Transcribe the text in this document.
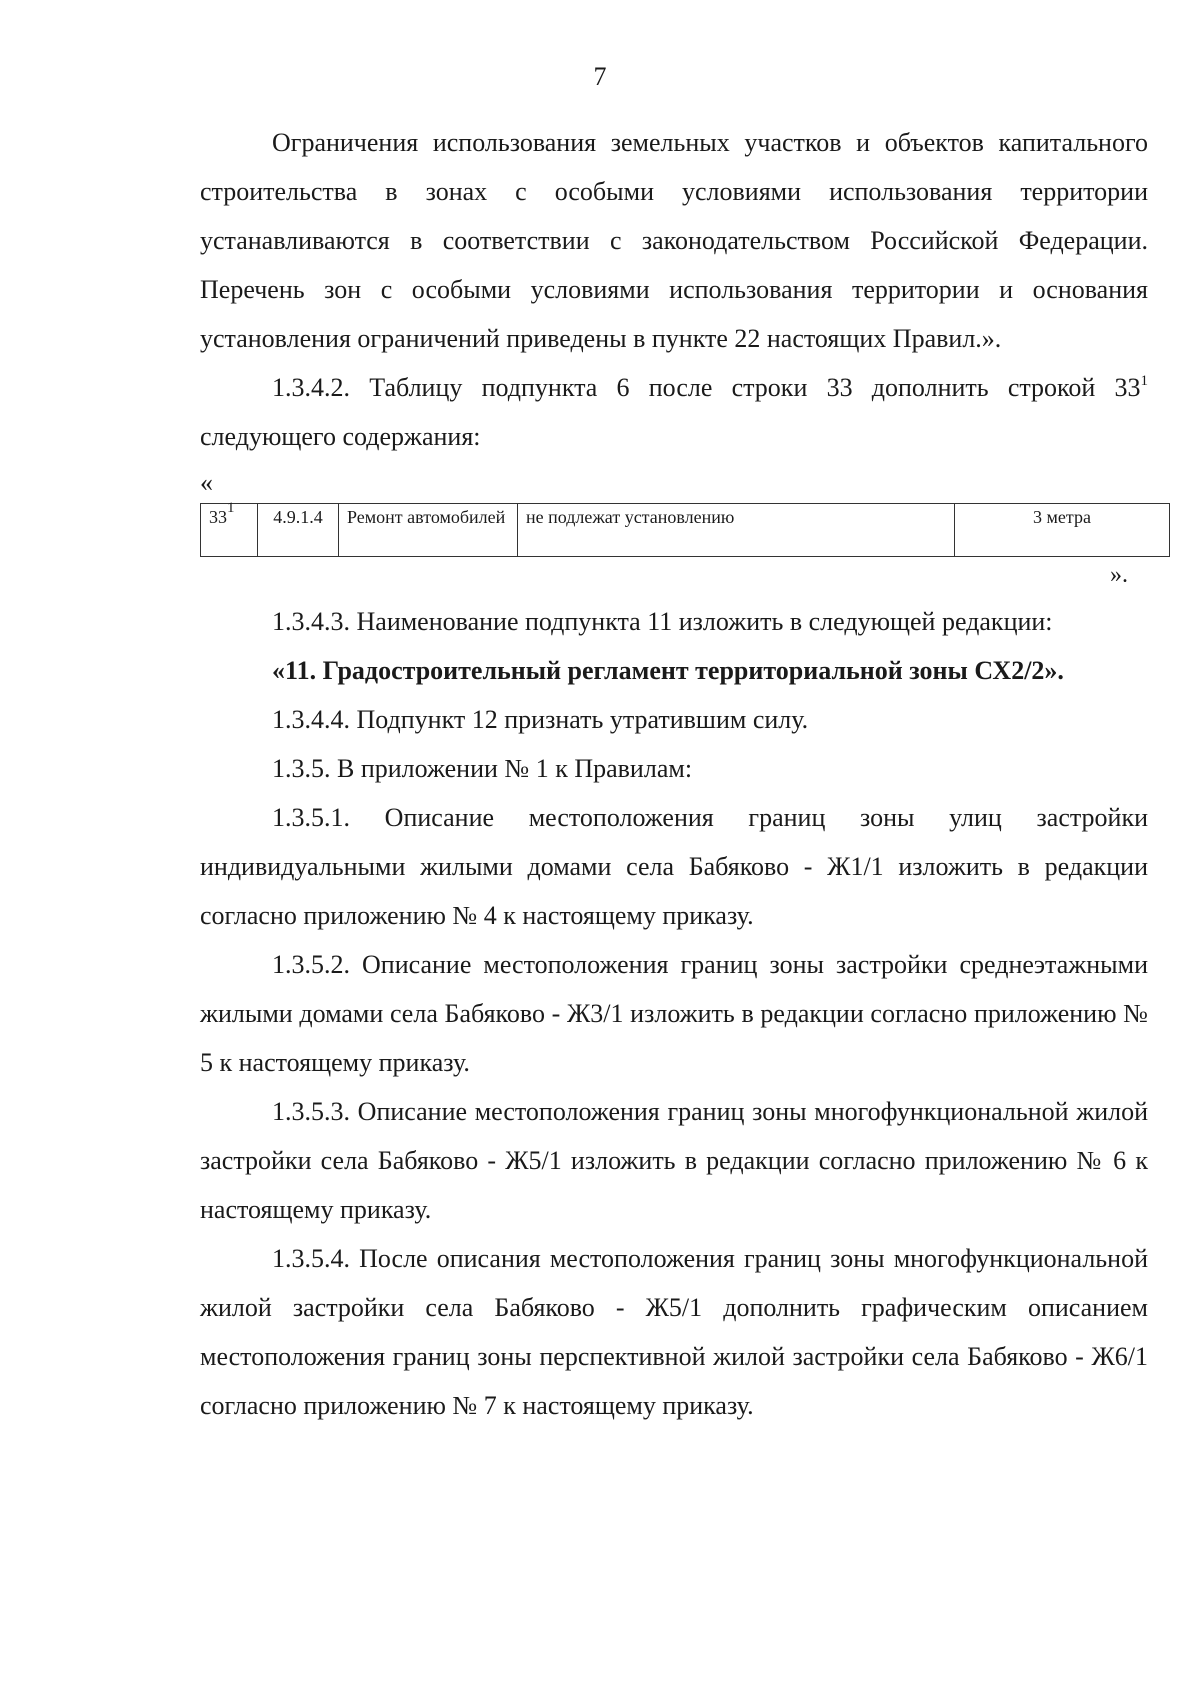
7

Ограничения использования земельных участков и объектов капитального строительства в зонах с особыми условиями использования территории устанавливаются в соответствии с законодательством Российской Федерации. Перечень зон с особыми условиями использования территории и основания установления ограничений приведены в пункте 22 настоящих Правил.».

1.3.4.2. Таблицу подпункта 6 после строки 33 дополнить строкой $33^1$ следующего содержания:

«
$33^1$	4.9.1.4	Ремонт автомобилей	не подлежат установлению	3 метра
».

1.3.4.3. Наименование подпункта 11 изложить в следующей редакции:

«11. Градостроительный регламент территориальной зоны СХ2/2».

1.3.4.4. Подпункт 12 признать утратившим силу.

1.3.5. В приложении № 1 к Правилам:

1.3.5.1. Описание местоположения границ зоны улиц застройки индивидуальными жилыми домами села Бабяково - Ж1/1 изложить в редакции согласно приложению № 4 к настоящему приказу.

1.3.5.2. Описание местоположения границ зоны застройки среднеэтажными жилыми домами села Бабяково - Ж3/1 изложить в редакции согласно приложению № 5 к настоящему приказу.

1.3.5.3. Описание местоположения границ зоны многофункциональной жилой застройки села Бабяково - Ж5/1 изложить в редакции согласно приложению № 6 к настоящему приказу.

1.3.5.4. После описания местоположения границ зоны многофункциональной жилой застройки села Бабяково - Ж5/1 дополнить графическим описанием местоположения границ зоны перспективной жилой застройки села Бабяково - Ж6/1 согласно приложению № 7 к настоящему приказу.
